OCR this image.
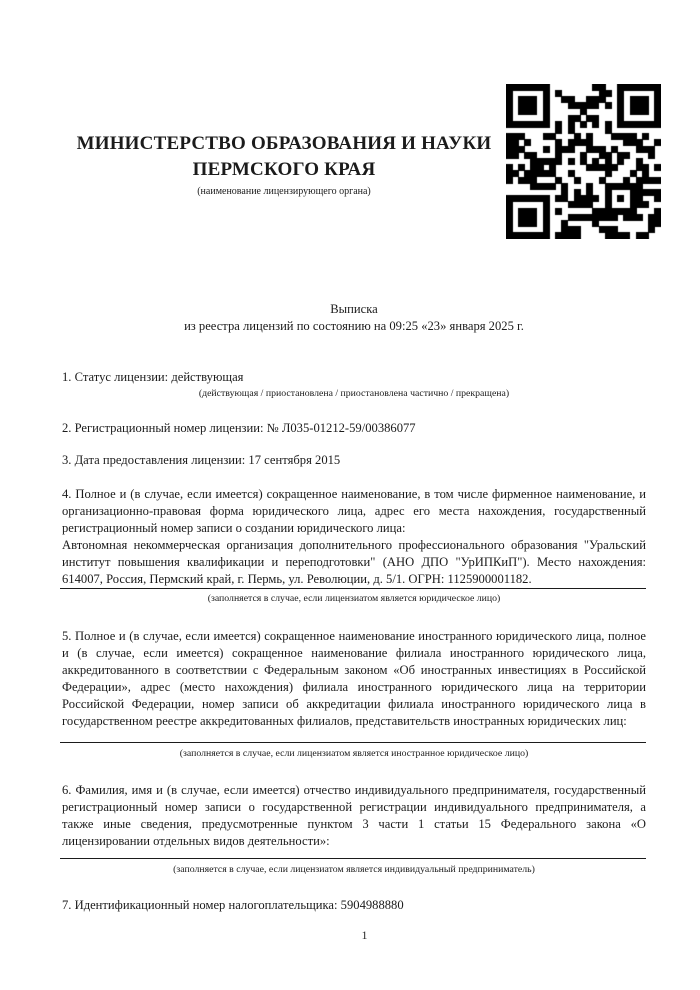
МИНИСТЕРСТВО ОБРАЗОВАНИЯ И НАУКИ ПЕРМСКОГО КРАЯ
(наименование лицензирующего органа)
Выписка
из реестра лицензий по состоянию на 09:25 «23» января 2025 г.
1. Статус лицензии: действующая
(действующая / приостановлена / приостановлена частично / прекращена)
2. Регистрационный номер лицензии: № Л035-01212-59/00386077
3. Дата предоставления лицензии: 17 сентября 2015
4. Полное и (в случае, если имеется) сокращенное наименование, в том числе фирменное наименование, и организационно-правовая форма юридического лица, адрес его места нахождения, государственный регистрационный номер записи о создании юридического лица:
Автономная некоммерческая организация дополнительного профессионального образования "Уральский институт повышения квалификации и переподготовки" (АНО ДПО "УрИПКиП"). Место нахождения: 614007, Россия, Пермский край, г. Пермь, ул. Революции, д. 5/1. ОГРН: 1125900001182.
(заполняется в случае, если лицензиатом является юридическое лицо)
5. Полное и (в случае, если имеется) сокращенное наименование иностранного юридического лица, полное и (в случае, если имеется) сокращенное наименование филиала иностранного юридического лица, аккредитованного в соответствии с Федеральным законом «Об иностранных инвестициях в Российской Федерации», адрес (место нахождения) филиала иностранного юридического лица на территории Российской Федерации, номер записи об аккредитации филиала иностранного юридического лица в государственном реестре аккредитованных филиалов, представительств иностранных юридических лиц:
(заполняется в случае, если лицензиатом является иностранное юридическое лицо)
6. Фамилия, имя и (в случае, если имеется) отчество индивидуального предпринимателя, государственный регистрационный номер записи о государственной регистрации индивидуального предпринимателя, а также иные сведения, предусмотренные пунктом 3 части 1 статьи 15 Федерального закона «О лицензировании отдельных видов деятельности»:
(заполняется в случае, если лицензиатом является индивидуальный предприниматель)
7. Идентификационный номер налогоплательщика: 5904988880
1
